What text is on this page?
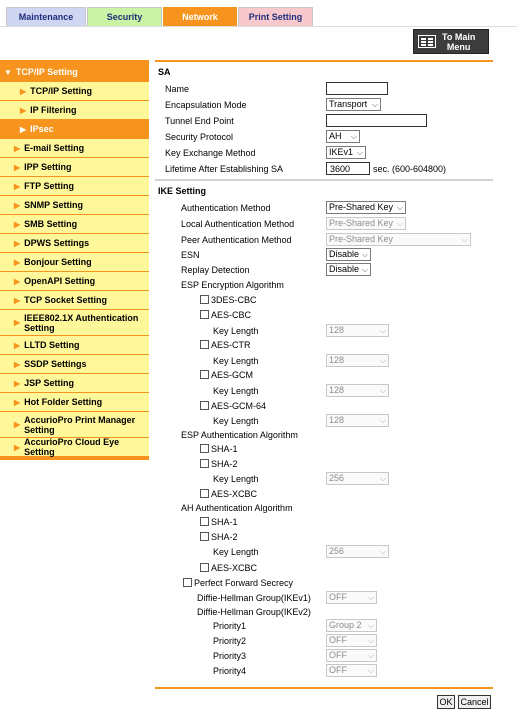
Maintenance	Security	Network	Print Setting
To Main
Menu
▼ TCP/IP Setting
▶ TCP/IP Setting
▶ IP Filtering
▶ IPsec
▶ E-mail Setting
▶ IPP Setting
▶ FTP Setting
▶ SNMP Setting
▶ SMB Setting
▶ DPWS Settings
▶ Bonjour Setting
▶ OpenAPI Setting
▶ TCP Socket Setting
▶ IEEE802.1X Authentication
Setting
▶ LLTD Setting
▶ SSDP Settings
▶ JSP Setting
▶ Hot Folder Setting
▶ AccurioPro Print Manager
Setting
▶ AccurioPro Cloud Eye Setting
SA
Name
Encapsulation Mode	Transport ⌵
Tunnel End Point
Security Protocol	AH ⌵
Key Exchange Method	IKEv1 ⌵
Lifetime After Establishing SA
3600	sec. (600-604800)
IKE Setting
Authentication Method	Pre-Shared Key ⌵
Local Authentication Method	Pre-Shared Key ⌵
Peer Authentication Method	Pre-Shared Key	⌵
ESN	Disable ⌵
Replay Detection	Disable ⌵
ESP Encryption Algorithm
3DES-CBC
AES-CBC
Key Length	128	⌵
AES-CTR
Key Length	128	⌵
AES-GCM
Key Length	128	⌵
AES-GCM-64
Key Length	128	⌵
ESP Authentication Algorithm
SHA-1
SHA-2
Key Length	256	⌵
AES-XCBC
AH Authentication Algorithm
SHA-1
SHA-2
Key Length	256	⌵
AES-XCBC
Perfect Forward Secrecy
Diffie-Hellman Group(IKEv1)	OFF	⌵
Diffie-Hellman Group(IKEv2)
Priority1	Group 2 ⌵
Priority2	OFF	⌵
Priority3	OFF	⌵
Priority4	OFF	⌵
OK Cancel
